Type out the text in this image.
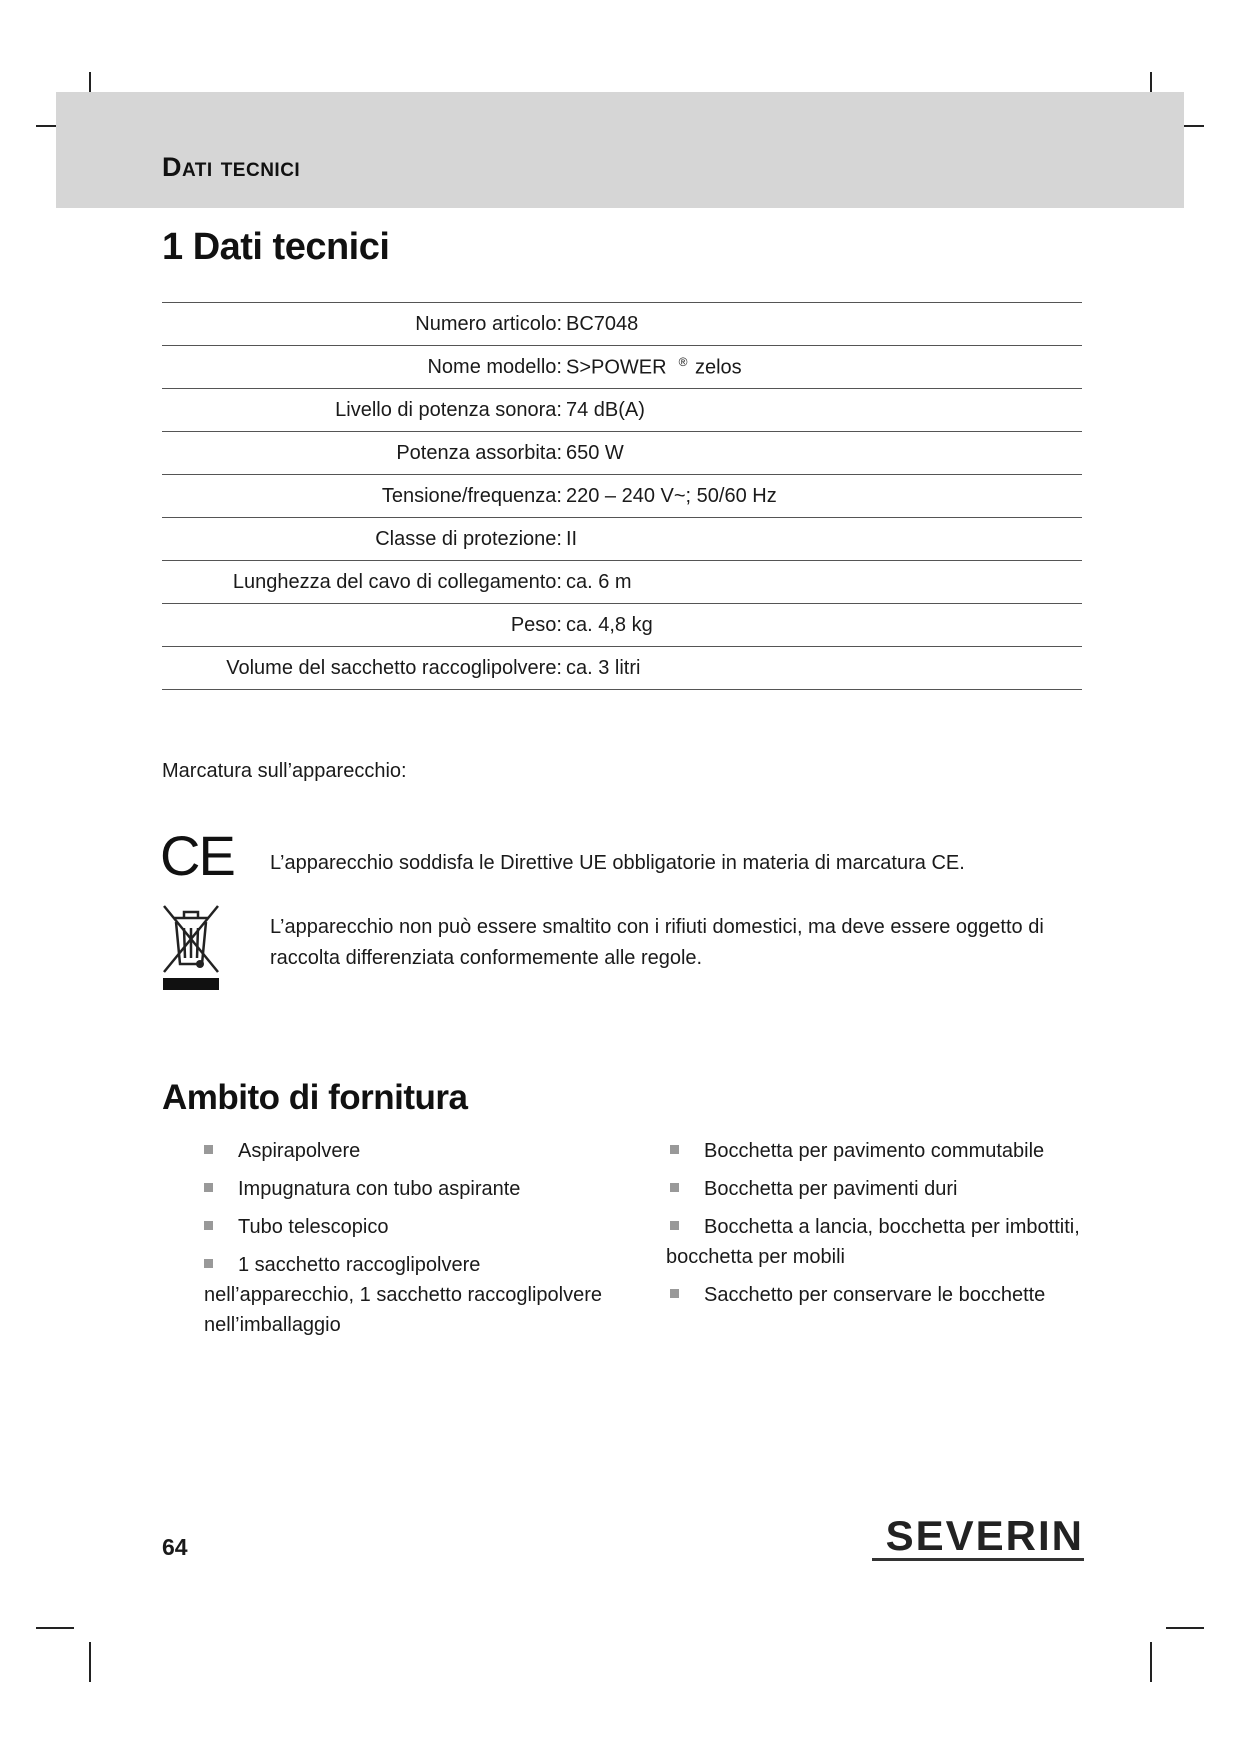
Dati tecnici
1 Dati tecnici
Numero articolo: BC7048
Nome modello: S>POWER ® zelos
Livello di potenza sonora: 74 dB(A)
Potenza assorbita: 650 W
Tensione/frequenza: 220 – 240 V~; 50/60 Hz
Classe di protezione: II
Lunghezza del cavo di collegamento: ca. 6 m
Peso: ca. 4,8 kg
Volume del sacchetto raccoglipolvere: ca. 3 litri
Marcatura sull’apparecchio:
CE L’apparecchio soddisfa le Direttive UE obbligatorie in materia di marcatura CE.
L’apparecchio non può essere smaltito con i rifiuti domestici, ma deve essere oggetto di raccolta differenziata conformemente alle regole.
Ambito di fornitura
Aspirapolvere
Impugnatura con tubo aspirante
Tubo telescopico
1 sacchetto raccoglipolvere nell’apparecchio, 1 sacchetto raccoglipolvere nell’imballaggio
Bocchetta per pavimento commutabile
Bocchetta per pavimenti duri
Bocchetta a lancia, bocchetta per imbottiti, bocchetta per mobili
Sacchetto per conservare le bocchette
64	SEVERIN
